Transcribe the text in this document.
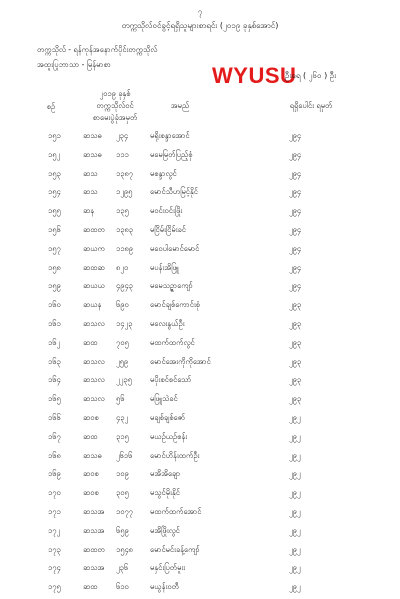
၇
တက္ကသိုလ်ဝင်ခွင့်ရရှိသူများစာရင်း (၂၀၁၉ ခုနှစ်အောင်)
တက္ကသိုလ် - ရန်ကုန်အနောက်ပိုင်းတက္ကသိုလ်
အထူးပြုဘာသာ - မြန်မာစာ	WYUSU
ဦးရေ ( ၂၆၀ ) ဦး
စဉ်
၂၀၁၉ ခုနှစ်
တက္ကသိုလ်ဝင်
စာမေးပွဲခုံအမှတ်
အမည်	ရရှိပေါင်း ရမှတ်
၁၅၁	ဆသဓ ၂၃၄	မရိုးစန္ဒာအောင်	၂၉၄
၁၅၂	ဆသဓ ၁၁၁	မမေမြတ်ပြည့်စုံ	၂၉၄
၁၅၃	ဆသ ၁၃၈၇ မစန္ဒာလွင်	၂၉၄
၁၅၄	ဆသ ၁၂၉၅ မောင်သီဟမြင့်နိုင်	၂၉၄
၁၅၅	ဆန	၁၃၅	မဝင်းဝင်းဖြိုး	၂၉၄
၁၅၆	ဆထတ ၁၃၈၃ မငြိမ်းငြိမ်းခင်	၂၉၄
၁၅၇	ဆယက ၁၁၈၉ မဝေပါမောင်မောင်	၂၉၄
၁၅၈	ဆထဆ ၈၂၀	မပန်းအိဖြူ	၂၉၄
၁၅၉	ဆယယ ၄၉၄၃ မမေသဥ္ဇာကျော်	၂၉၄
၁၆၀	ဆယန ၆၉၀	မောင်ချစ်ကောင်းစုံ	၂၉၃
၁၆၁	ဆသလ ၁၄၂၃ မလေးနွယ်ဦး	၂၉၃
၁၆၂	ဆထ ၇၀၅	မထက်ထက်လွင်	၂၉၃
၁၆၃	ဆသလ ၂၅၉	မောင်အေးကိုကိုအောင်	၂၉၃
၁၆၄	ဆသလ ၂၂၃၅ မပိုးစင်စင်သော်	၂၉၃
၁၆၅	ဆသလ ၅၆	မဖြူသဲခင်	၂၉၃
၁၆၆	ဆဝစ ၄၃၂	မချစ်ချစ်ဇော်	၂၉၂
၁၆၇	ဆထ ၃၁၅	မယဉ်ယဉ်စန်း	၂၉၂
၁၆၈	ဆသဓ ၂၆၁၆ မောင်ဟိန်းထက်ဦး	၂၉၂
၁၆၉	ဆဝစ ၁၀၉	မအိအိချော	၂၉၂
၁၇၀	ဆဝစ ၃၀၅	မသွင်မိုးနိုင်	၂၉၂
၁၇၁	ဆသအ ၁၀၇၇ မထက်ထက်အောင်	၂၉၂
၁၇၂	ဆသအ ၆၅၉	မအိဖြိုးလွင်	၂၉၂
၁၇၃	ဆထတ ၁၅၄၈ မောင်မင်းခန့်ကျော်	၂၉၂
၁၇၄	ဆသအ ၂၃၆	မနှင်းပြတ်မူးး	၂၉၂
၁၇၅	ဆထ ၆၁၀	မယွန်းဝတီ	၂၉၂
